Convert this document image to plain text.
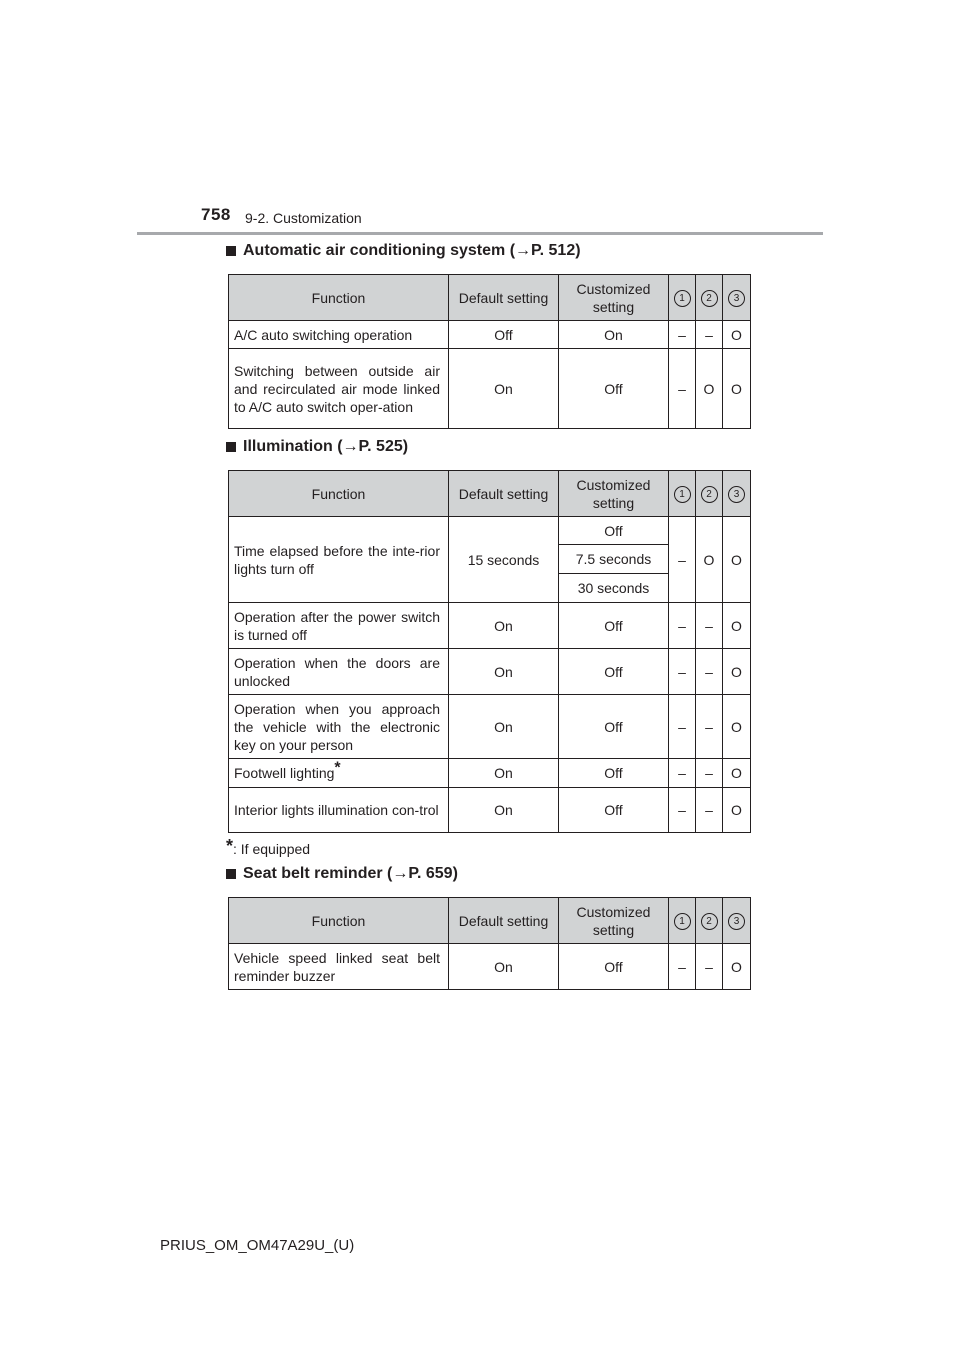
758 9-2. Customization
Automatic air conditioning system (→P. 512)
Function	Default setting	Customized setting	1	2	3
A/C auto switching operation	Off	On	–	–	O
Switching between outside air and recirculated air mode linked to A/C auto switch oper-ation	On	Off	–	O	O
Illumination (→P. 525)
Function	Default setting	Customized setting	1	2	3
Time elapsed before the inte-rior lights turn off	15 seconds	Off	–	O	O
		7.5 seconds			
		30 seconds			
Operation after the power switch is turned off	On	Off	–	–	O
Operation when the doors are unlocked	On	Off	–	–	O
Operation when you approach the vehicle with the electronic key on your person	On	Off	–	–	O
Footwell lighting*	On	Off	–	–	O
Interior lights illumination con-trol	On	Off	–	–	O
*: If equipped
Seat belt reminder (→P. 659)
Function	Default setting	Customized setting	1	2	3
Vehicle speed linked seat belt reminder buzzer	On	Off	–	–	O
PRIUS_OM_OM47A29U_(U)
